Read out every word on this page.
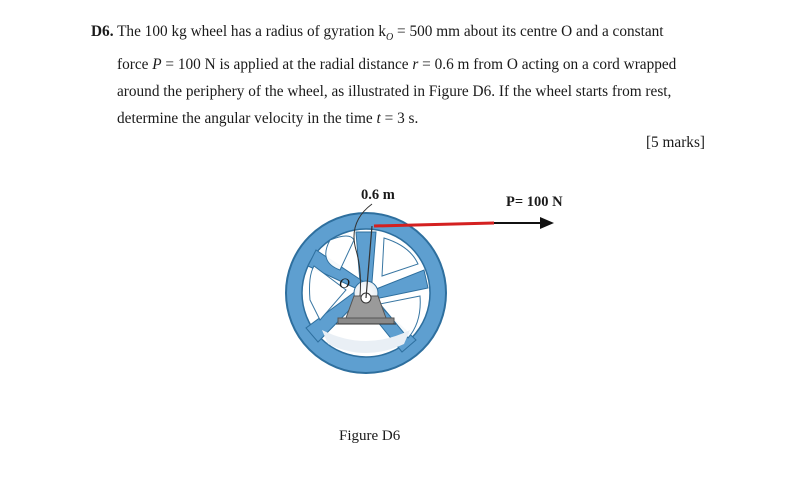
D6. The 100 kg wheel has a radius of gyration $k_O = 500$ mm about its centre O and a constant
force P = 100 N is applied at the radial distance r = 0.6 m from O acting on a cord wrapped
around the periphery of the wheel, as illustrated in Figure D6. If the wheel starts from rest,
determine the angular velocity in the time t = 3 s.
[5 marks]
0.6 m	P= 100 N
O
Figure D6
